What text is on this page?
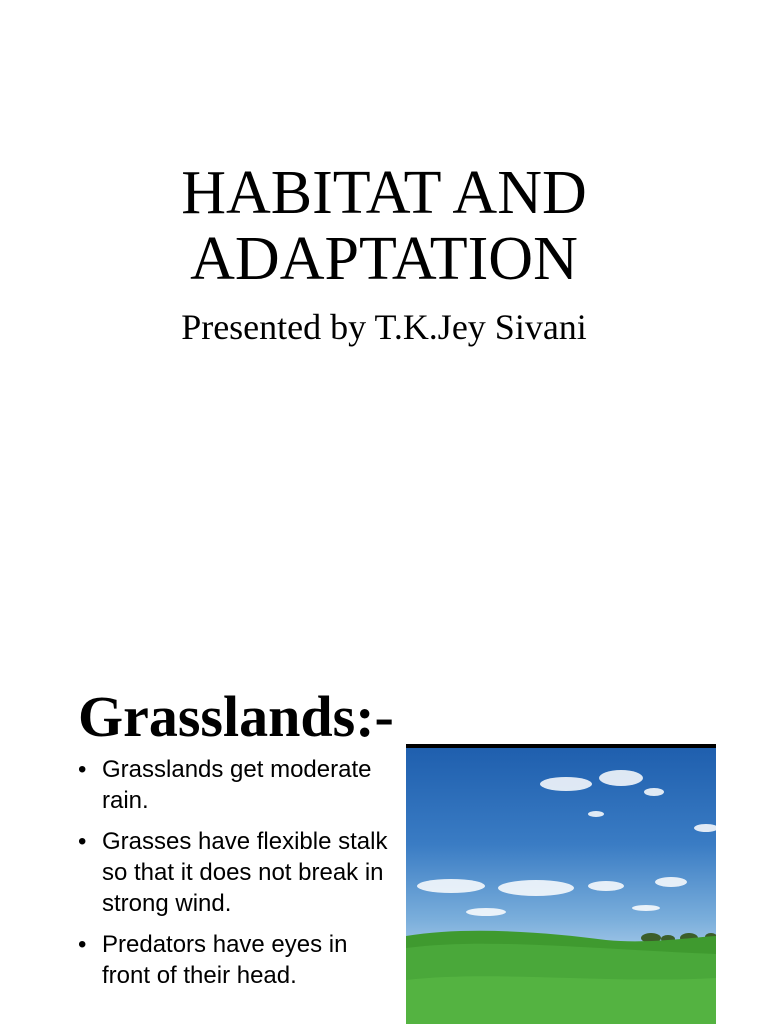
HABITAT AND
ADAPTATION
Presented by T.K.Jey Sivani
Grasslands:-
• Grasslands get moderate rain.
• Grasses have flexible stalk so that it does not break in strong wind.
• Predators have eyes in front of their head.
